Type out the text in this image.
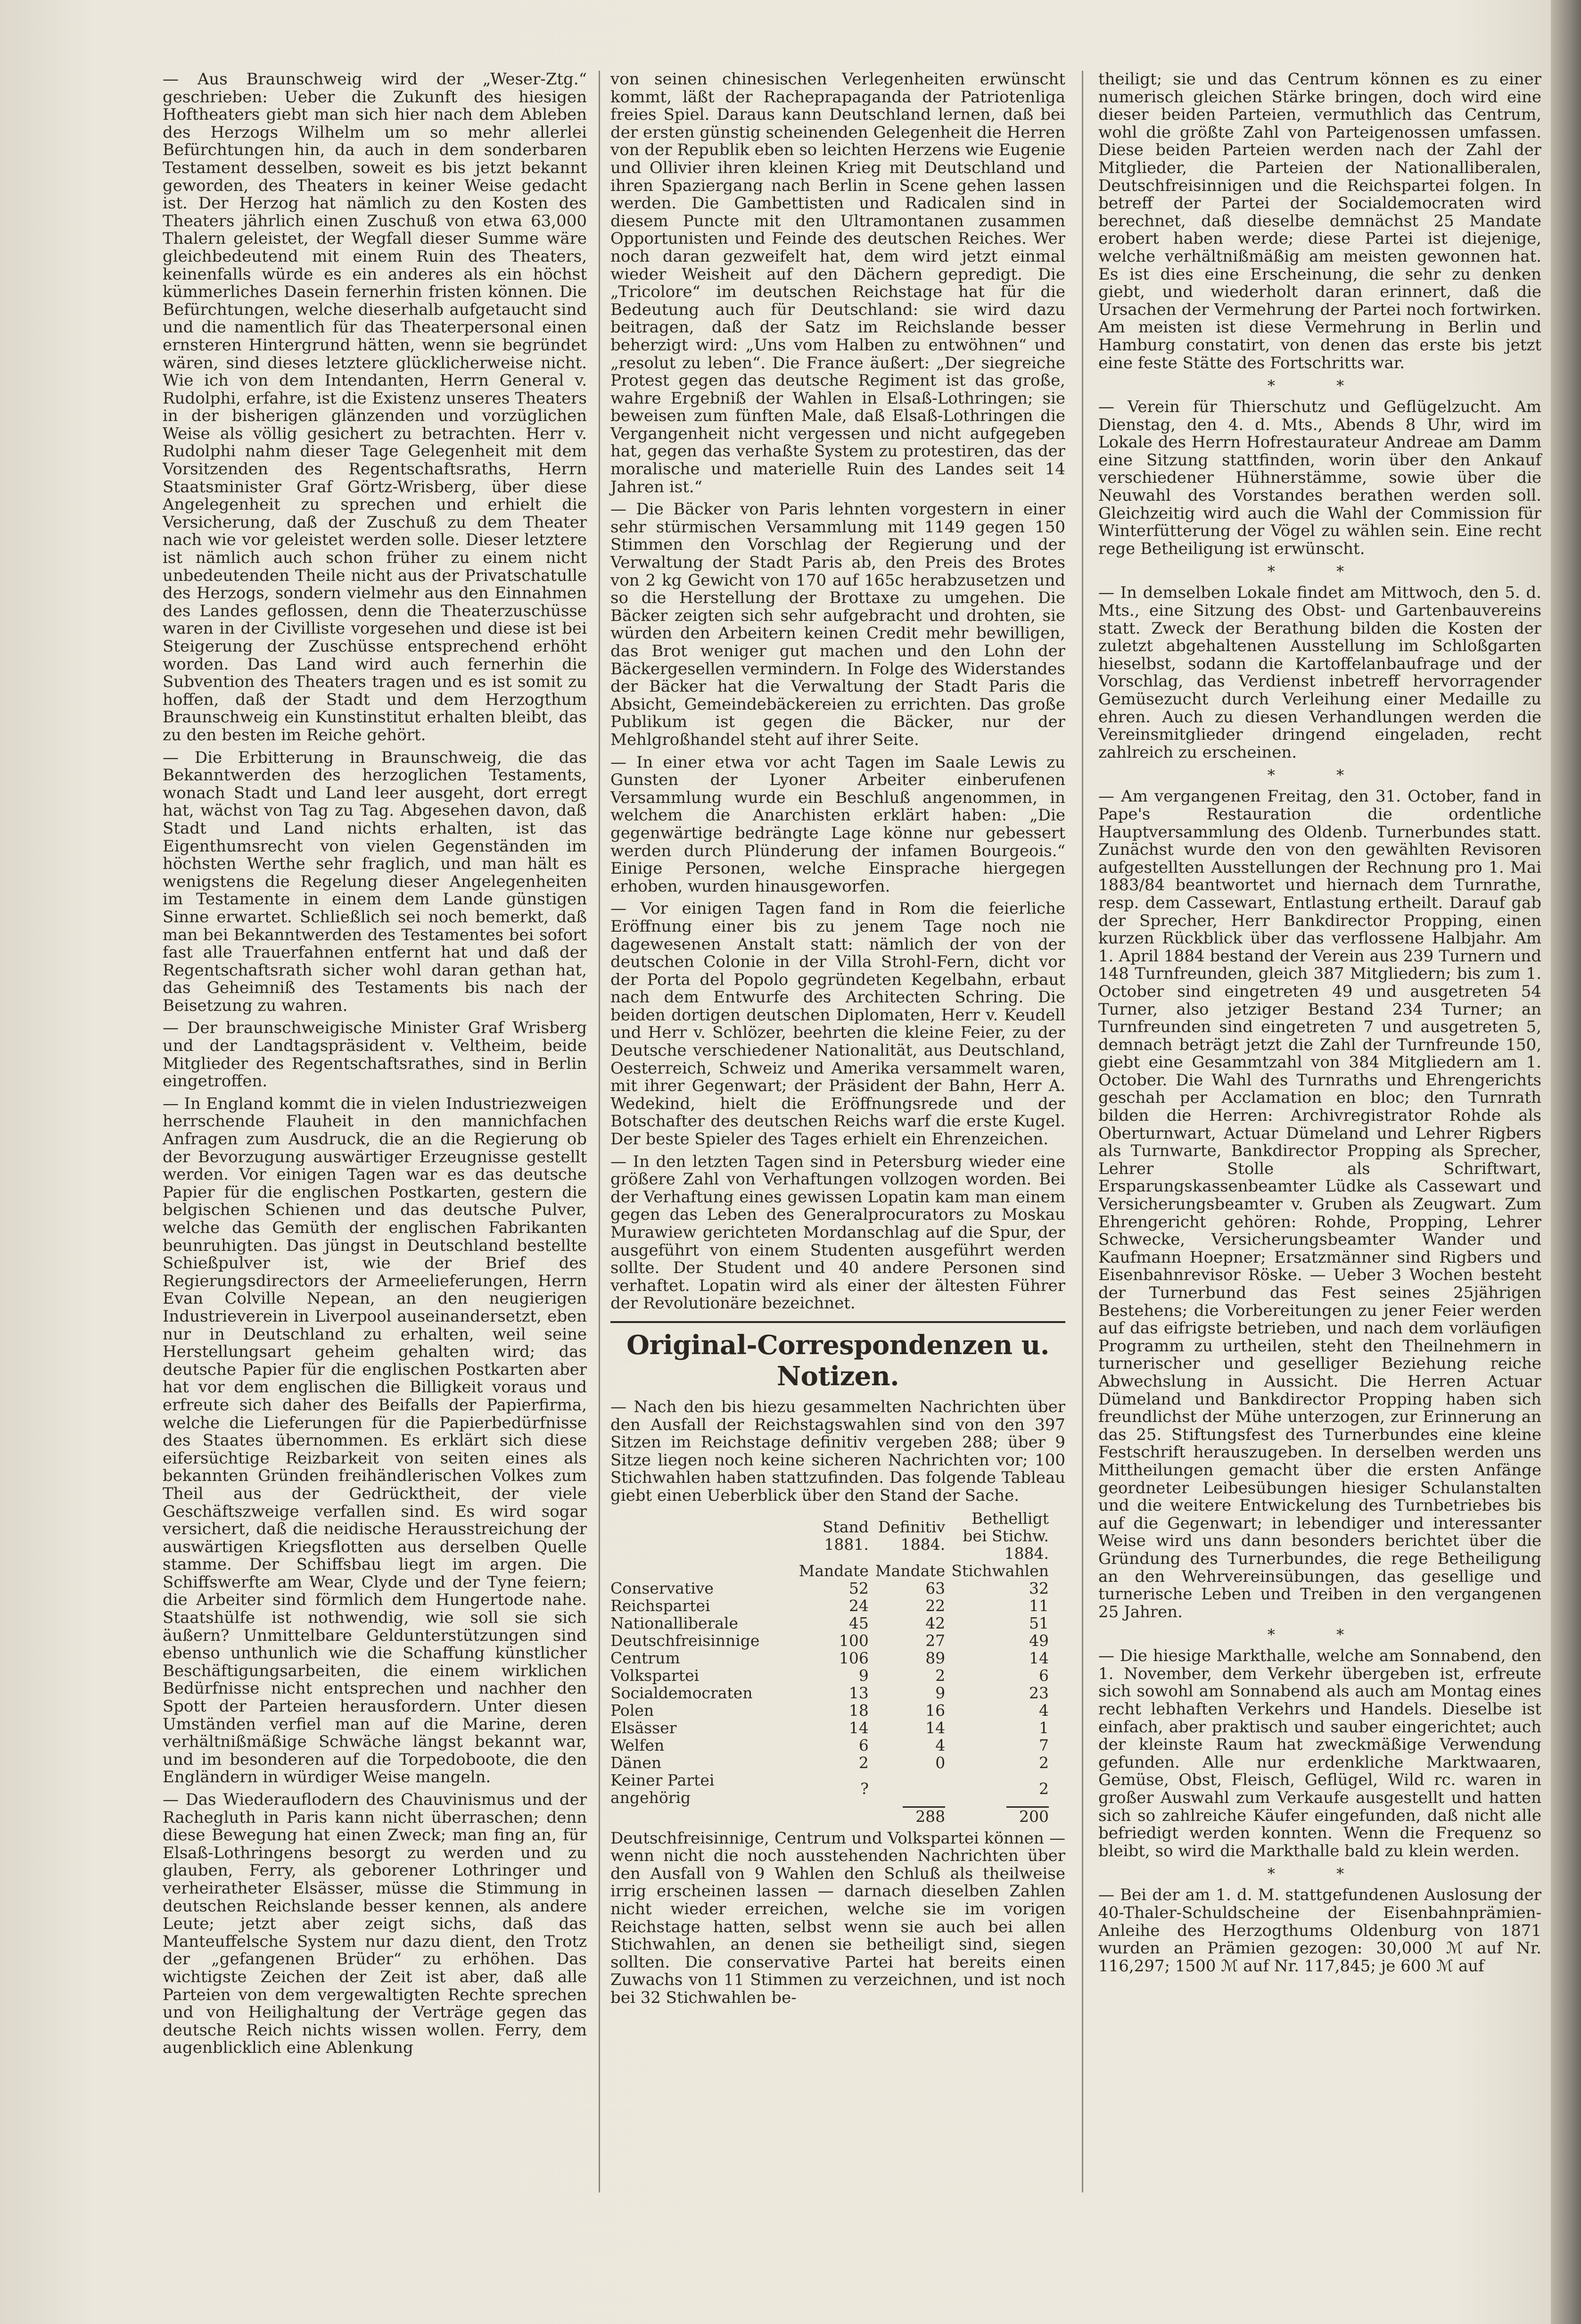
— Aus Braunschweig wird der „Weser-Ztg.“ geschrieben: Ueber die Zukunft des hiesigen Hoftheaters giebt man sich hier nach dem Ableben des Herzogs Wilhelm um so mehr allerlei Befürchtungen hin, da auch in dem sonderbaren Testament desselben, soweit es bis jetzt bekannt geworden, des Theaters in keiner Weise gedacht ist. Der Herzog hat nämlich zu den Kosten des Theaters jährlich einen Zuschuß von etwa 63,000 Thalern geleistet, der Wegfall dieser Summe wäre gleichbedeutend mit einem Ruin des Theaters, keinenfalls würde es ein anderes als ein höchst kümmerliches Dasein fernerhin fristen können. Die Befürchtungen, welche dieserhalb aufgetaucht sind und die namentlich für das Theaterpersonal einen ernsteren Hintergrund hätten, wenn sie begründet wären, sind dieses letztere glücklicherweise nicht. Wie ich von dem Intendanten, Herrn General v. Rudolphi, erfahre, ist die Existenz unseres Theaters in der bisherigen glänzenden und vorzüglichen Weise als völlig gesichert zu betrachten. Herr v. Rudolphi nahm dieser Tage Gelegenheit mit dem Vorsitzenden des Regentschaftsraths, Herrn Staatsminister Graf Görtz-Wrisberg, über diese Angelegenheit zu sprechen und erhielt die Versicherung, daß der Zuschuß zu dem Theater nach wie vor geleistet werden solle. Dieser letztere ist nämlich auch schon früher zu einem nicht unbedeutenden Theile nicht aus der Privatschatulle des Herzogs, sondern vielmehr aus den Einnahmen des Landes geflossen, denn die Theaterzuschüsse waren in der Civilliste vorgesehen und diese ist bei Steigerung der Zuschüsse entsprechend erhöht worden. Das Land wird auch fernerhin die Subvention des Theaters tragen und es ist somit zu hoffen, daß der Stadt und dem Herzogthum Braunschweig ein Kunstinstitut erhalten bleibt, das zu den besten im Reiche gehört.

— Die Erbitterung in Braunschweig, die das Bekanntwerden des herzoglichen Testaments, wonach Stadt und Land leer ausgeht, dort erregt hat, wächst von Tag zu Tag. Abgesehen davon, daß Stadt und Land nichts erhalten, ist das Eigenthumsrecht von vielen Gegenständen im höchsten Werthe sehr fraglich, und man hält es wenigstens die Regelung dieser Angelegenheiten im Testamente in einem dem Lande günstigen Sinne erwartet. Schließlich sei noch bemerkt, daß man bei Bekanntwerden des Testamentes bei sofort fast alle Trauerfahnen entfernt hat und daß der Regentschaftsrath sicher wohl daran gethan hat, das Geheimniß des Testaments bis nach der Beisetzung zu wahren.

— Der braunschweigische Minister Graf Wrisberg und der Landtagspräsident v. Veltheim, beide Mitglieder des Regentschaftsrathes, sind in Berlin eingetroffen.

— In England kommt die in vielen Industriezweigen herrschende Flauheit in den mannichfachen Anfragen zum Ausdruck, die an die Regierung ob der Bevorzugung auswärtiger Erzeugnisse gestellt werden. Vor einigen Tagen war es das deutsche Papier für die englischen Postkarten, gestern die belgischen Schienen und das deutsche Pulver, welche das Gemüth der englischen Fabrikanten beunruhigten. Das jüngst in Deutschland bestellte Schießpulver ist, wie der Brief des Regierungsdirectors der Armeelieferungen, Herrn Evan Colville Nepean, an den neugierigen Industrieverein in Liverpool auseinandersetzt, eben nur in Deutschland zu erhalten, weil seine Herstellungsart geheim gehalten wird; das deutsche Papier für die englischen Postkarten aber hat vor dem englischen die Billigkeit voraus und erfreute sich daher des Beifalls der Papierfirma, welche die Lieferungen für die Papierbedürfnisse des Staates übernommen. Es erklärt sich diese eifersüchtige Reizbarkeit von seiten eines als bekannten Gründen freihändlerischen Volkes zum Theil aus der Gedrücktheit, der viele Geschäftszweige verfallen sind. Es wird sogar versichert, daß die neidische Herausstreichung der auswärtigen Kriegsflotten aus derselben Quelle stamme. Der Schiffsbau liegt im argen. Die Schiffswerfte am Wear, Clyde und der Tyne feiern; die Arbeiter sind förmlich dem Hungertode nahe. Staatshülfe ist nothwendig, wie soll sie sich äußern? Unmittelbare Geldunterstützungen sind ebenso unthunlich wie die Schaffung künstlicher Beschäftigungsarbeiten, die einem wirklichen Bedürfnisse nicht entsprechen und nachher den Spott der Parteien herausfordern. Unter diesen Umständen verfiel man auf die Marine, deren verhältnißmäßige Schwäche längst bekannt war, und im besonderen auf die Torpedoboote, die den Engländern in würdiger Weise mangeln.

— Das Wiederauflodern des Chauvinismus und der Rachegluth in Paris kann nicht überraschen; denn diese Bewegung hat einen Zweck; man fing an, für Elsaß-Lothringens besorgt zu werden und zu glauben, Ferry, als geborener Lothringer und verheiratheter Elsässer, müsse die Stimmung in deutschen Reichslande besser kennen, als andere Leute; jetzt aber zeigt sichs, daß das Manteuffelsche System nur dazu dient, den Trotz der „gefangenen Brüder“ zu erhöhen. Das wichtigste Zeichen der Zeit ist aber, daß alle Parteien von dem vergewaltigten Rechte sprechen und von Heilighaltung der Verträge gegen das deutsche Reich nichts wissen wollen. Ferry, dem augenblicklich eine Ablenkung

von seinen chinesischen Verlegenheiten erwünscht kommt, läßt der Racheprapaganda der Patriotenliga freies Spiel. Daraus kann Deutschland lernen, daß bei der ersten günstig scheinenden Gelegenheit die Herren von der Republik eben so leichten Herzens wie Eugenie und Ollivier ihren kleinen Krieg mit Deutschland und ihren Spaziergang nach Berlin in Scene gehen lassen werden. Die Gambettisten und Radicalen sind in diesem Puncte mit den Ultramontanen zusammen Opportunisten und Feinde des deutschen Reiches. Wer noch daran gezweifelt hat, dem wird jetzt einmal wieder Weisheit auf den Dächern gepredigt. Die „Tricolore“ im deutschen Reichstage hat für die Bedeutung auch für Deutschland: sie wird dazu beitragen, daß der Satz im Reichslande besser beherzigt wird: „Uns vom Halben zu entwöhnen“ und „resolut zu leben“. Die France äußert: „Der siegreiche Protest gegen das deutsche Regiment ist das große, wahre Ergebniß der Wahlen in Elsaß-Lothringen; sie beweisen zum fünften Male, daß Elsaß-Lothringen die Vergangenheit nicht vergessen und nicht aufgegeben hat, gegen das verhaßte System zu protestiren, das der moralische und materielle Ruin des Landes seit 14 Jahren ist.“

— Die Bäcker von Paris lehnten vorgestern in einer sehr stürmischen Versammlung mit 1149 gegen 150 Stimmen den Vorschlag der Regierung und der Verwaltung der Stadt Paris ab, den Preis des Brotes von 2 kg Gewicht von 170 auf 165c herabzusetzen und so die Herstellung der Brottaxe zu umgehen. Die Bäcker zeigten sich sehr aufgebracht und drohten, sie würden den Arbeitern keinen Credit mehr bewilligen, das Brot weniger gut machen und den Lohn der Bäckergesellen vermindern. In Folge des Widerstandes der Bäcker hat die Verwaltung der Stadt Paris die Absicht, Gemeindebäckereien zu errichten. Das große Publikum ist gegen die Bäcker, nur der Mehlgroßhandel steht auf ihrer Seite.

— In einer etwa vor acht Tagen im Saale Lewis zu Gunsten der Lyoner Arbeiter einberufenen Versammlung wurde ein Beschluß angenommen, in welchem die Anarchisten erklärt haben: „Die gegenwärtige bedrängte Lage könne nur gebessert werden durch Plünderung der infamen Bourgeois.“ Einige Personen, welche Einsprache hiergegen erhoben, wurden hinausgeworfen.

— Vor einigen Tagen fand in Rom die feierliche Eröffnung einer bis zu jenem Tage noch nie dagewesenen Anstalt statt: nämlich der von der deutschen Colonie in der Villa Strohl-Fern, dicht vor der Porta del Popolo gegründeten Kegelbahn, erbaut nach dem Entwurfe des Architecten Schring. Die beiden dortigen deutschen Diplomaten, Herr v. Keudell und Herr v. Schlözer, beehrten die kleine Feier, zu der Deutsche verschiedener Nationalität, aus Deutschland, Oesterreich, Schweiz und Amerika versammelt waren, mit ihrer Gegenwart; der Präsident der Bahn, Herr A. Wedekind, hielt die Eröffnungsrede und der Botschafter des deutschen Reichs warf die erste Kugel. Der beste Spieler des Tages erhielt ein Ehrenzeichen.

— In den letzten Tagen sind in Petersburg wieder eine größere Zahl von Verhaftungen vollzogen worden. Bei der Verhaftung eines gewissen Lopatin kam man einem gegen das Leben des Generalprocurators zu Moskau Murawiew gerichteten Mordanschlag auf die Spur, der ausgeführt von einem Studenten ausgeführt werden sollte. Der Student und 40 andere Personen sind verhaftet. Lopatin wird als einer der ältesten Führer der Revolutionäre bezeichnet.

Original-Correspondenzen u. Notizen.

— Nach den bis hiezu gesammelten Nachrichten über den Ausfall der Reichstagswahlen sind von den 397 Sitzen im Reichstage definitiv vergeben 288; über 9 Sitze liegen noch keine sicheren Nachrichten vor; 100 Stichwahlen haben stattzufinden. Das folgende Tableau giebt einen Ueberblick über den Stand der Sache.

	Stand 1881.	Definitiv 1884.	Bethelligt bei Stichw. 1884.
	Mandate	Mandate	Stichwahlen
Conservative	52	63	32
Reichspartei	24	22	11
Nationalliberale	45	42	51
Deutschfreisinnige	100	27	49
Centrum	106	89	14
Volkspartei	9	2	6
Socialdemocraten	13	9	23
Polen	18	16	4
Elsässer	14	14	1
Welfen	6	4	7
Dänen	2	0	2
Keiner Partei angehörig	?		2
		288	200

Deutschfreisinnige, Centrum und Volkspartei können — wenn nicht die noch ausstehenden Nachrichten über den Ausfall von 9 Wahlen den Schluß als theilweise irrig erscheinen lassen — darnach dieselben Zahlen nicht wieder erreichen, welche sie im vorigen Reichstage hatten, selbst wenn sie auch bei allen Stichwahlen, an denen sie betheiligt sind, siegen sollten. Die conservative Partei hat bereits einen Zuwachs von 11 Stimmen zu verzeichnen, und ist noch bei 32 Stichwahlen be-

theiligt; sie und das Centrum können es zu einer numerisch gleichen Stärke bringen, doch wird eine dieser beiden Parteien, vermuthlich das Centrum, wohl die größte Zahl von Parteigenossen umfassen. Diese beiden Parteien werden nach der Zahl der Mitglieder, die Parteien der Nationalliberalen, Deutschfreisinnigen und die Reichspartei folgen. In betreff der Partei der Socialdemocraten wird berechnet, daß dieselbe demnächst 25 Mandate erobert haben werde; diese Partei ist diejenige, welche verhältnißmäßig am meisten gewonnen hat. Es ist dies eine Erscheinung, die sehr zu denken giebt, und wiederholt daran erinnert, daß die Ursachen der Vermehrung der Partei noch fortwirken. Am meisten ist diese Vermehrung in Berlin und Hamburg constatirt, von denen das erste bis jetzt eine feste Stätte des Fortschritts war.

* *

— Verein für Thierschutz und Geflügelzucht. Am Dienstag, den 4. d. Mts., Abends 8 Uhr, wird im Lokale des Herrn Hofrestaurateur Andreae am Damm eine Sitzung stattfinden, worin über den Ankauf verschiedener Hühnerstämme, sowie über die Neuwahl des Vorstandes berathen werden soll. Gleichzeitig wird auch die Wahl der Commission für Winterfütterung der Vögel zu wählen sein. Eine recht rege Betheiligung ist erwünscht.

* *

— In demselben Lokale findet am Mittwoch, den 5. d. Mts., eine Sitzung des Obst- und Gartenbauvereins statt. Zweck der Berathung bilden die Kosten der zuletzt abgehaltenen Ausstellung im Schloßgarten hieselbst, sodann die Kartoffelanbaufrage und der Vorschlag, das Verdienst inbetreff hervorragender Gemüsezucht durch Verleihung einer Medaille zu ehren. Auch zu diesen Verhandlungen werden die Vereinsmitglieder dringend eingeladen, recht zahlreich zu erscheinen.

* *

— Am vergangenen Freitag, den 31. October, fand in Pape's Restauration die ordentliche Hauptversammlung des Oldenb. Turnerbundes statt. Zunächst wurde den von den gewählten Revisoren aufgestellten Ausstellungen der Rechnung pro 1. Mai 1883/84 beantwortet und hiernach dem Turnrathe, resp. dem Cassewart, Entlastung ertheilt. Darauf gab der Sprecher, Herr Bankdirector Propping, einen kurzen Rückblick über das verflossene Halbjahr. Am 1. April 1884 bestand der Verein aus 239 Turnern und 148 Turnfreunden, gleich 387 Mitgliedern; bis zum 1. October sind eingetreten 49 und ausgetreten 54 Turner, also jetziger Bestand 234 Turner; an Turnfreunden sind eingetreten 7 und ausgetreten 5, demnach beträgt jetzt die Zahl der Turnfreunde 150, giebt eine Gesammtzahl von 384 Mitgliedern am 1. October. Die Wahl des Turnraths und Ehrengerichts geschah per Acclamation en bloc; den Turnrath bilden die Herren: Archivregistrator Rohde als Oberturnwart, Actuar Dümeland und Lehrer Rigbers als Turnwarte, Bankdirector Propping als Sprecher, Lehrer Stolle als Schriftwart, Ersparungskassenbeamter Lüdke als Cassewart und Versicherungsbeamter v. Gruben als Zeugwart. Zum Ehrengericht gehören: Rohde, Propping, Lehrer Schwecke, Versicherungsbeamter Wander und Kaufmann Hoepner; Ersatzmänner sind Rigbers und Eisenbahnrevisor Röske. — Ueber 3 Wochen besteht der Turnerbund das Fest seines 25jährigen Bestehens; die Vorbereitungen zu jener Feier werden auf das eifrigste betrieben, und nach dem vorläufigen Programm zu urtheilen, steht den Theilnehmern in turnerischer und geselliger Beziehung reiche Abwechslung in Aussicht. Die Herren Actuar Dümeland und Bankdirector Propping haben sich freundlichst der Mühe unterzogen, zur Erinnerung an das 25. Stiftungsfest des Turnerbundes eine kleine Festschrift herauszugeben. In derselben werden uns Mittheilungen gemacht über die ersten Anfänge geordneter Leibesübungen hiesiger Schulanstalten und die weitere Entwickelung des Turnbetriebes bis auf die Gegenwart; in lebendiger und interessanter Weise wird uns dann besonders berichtet über die Gründung des Turnerbundes, die rege Betheiligung an den Wehrvereinsübungen, das gesellige und turnerische Leben und Treiben in den vergangenen 25 Jahren.

* *

— Die hiesige Markthalle, welche am Sonnabend, den 1. November, dem Verkehr übergeben ist, erfreute sich sowohl am Sonnabend als auch am Montag eines recht lebhaften Verkehrs und Handels. Dieselbe ist einfach, aber praktisch und sauber eingerichtet; auch der kleinste Raum hat zweckmäßige Verwendung gefunden. Alle nur erdenkliche Marktwaaren, Gemüse, Obst, Fleisch, Geflügel, Wild rc. waren in großer Auswahl zum Verkaufe ausgestellt und hatten sich so zahlreiche Käufer eingefunden, daß nicht alle befriedigt werden konnten. Wenn die Frequenz so bleibt, so wird die Markthalle bald zu klein werden.

* *

— Bei der am 1. d. M. stattgefundenen Auslosung der 40-Thaler-Schuldscheine der Eisenbahnprämien-Anleihe des Herzogthums Oldenburg von 1871 wurden an Prämien gezogen: 30,000 ℳ auf Nr. 116,297; 1500 ℳ auf Nr. 117,845; je 600 ℳ auf
